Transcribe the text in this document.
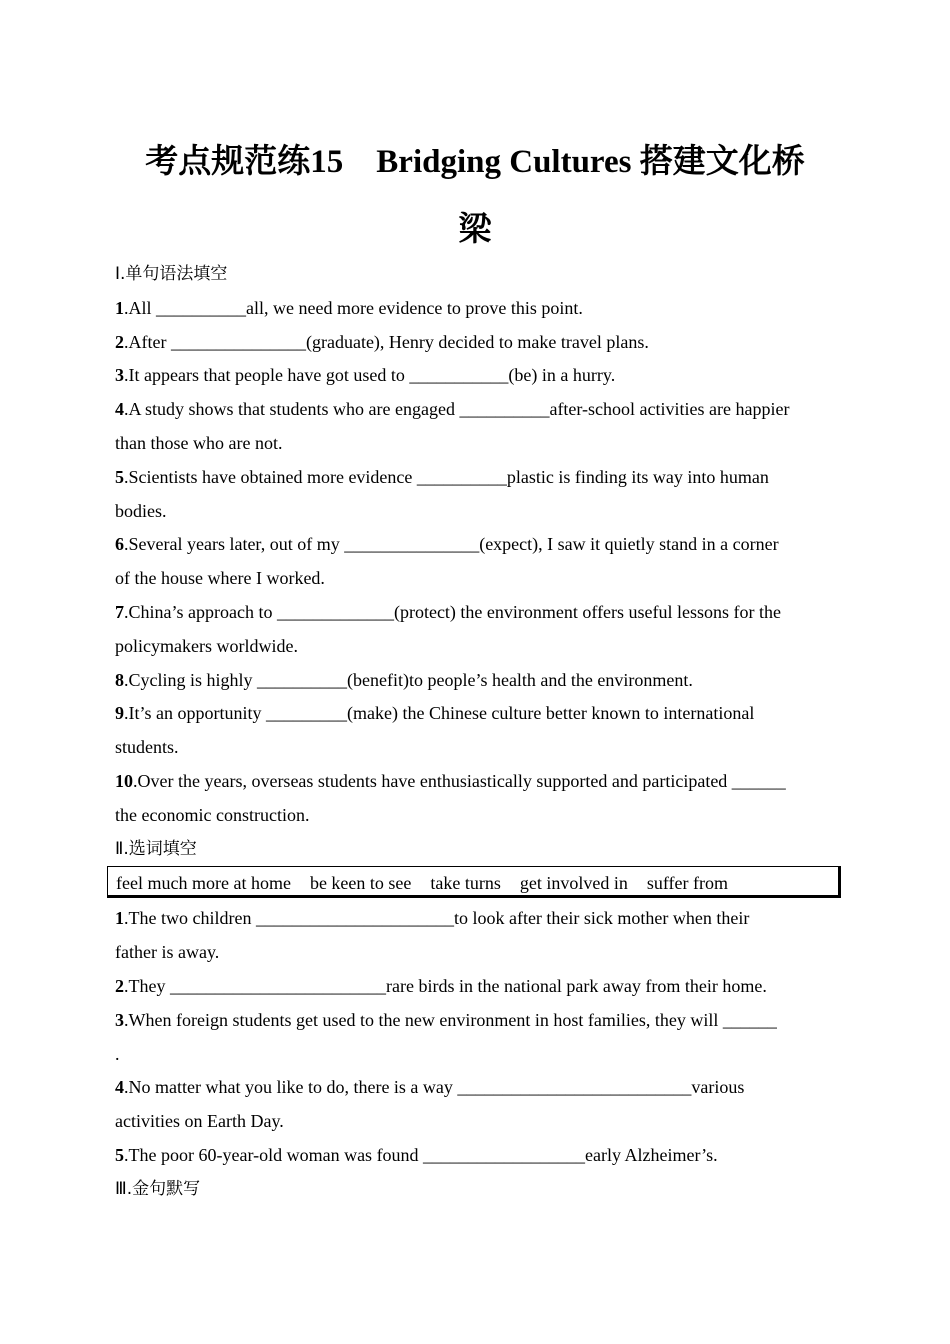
考点规范练15　Bridging Cultures 搭建文化桥
梁
Ⅰ.单句语法填空
1.All __________all, we need more evidence to prove this point.
2.After _______________(graduate), Henry decided to make travel plans.
3.It appears that people have got used to ___________(be) in a hurry.
4.A study shows that students who are engaged __________after-school activities are happier
than those who are not.
5.Scientists have obtained more evidence __________plastic is finding its way into human
bodies.
6.Several years later, out of my _______________(expect), I saw it quietly stand in a corner
of the house where I worked.
7.China’s approach to _____________(protect) the environment offers useful lessons for the
policymakers worldwide.
8.Cycling is highly __________(benefit)to people’s health and the environment.
9.It’s an opportunity _________(make) the Chinese culture better known to international
students.
10.Over the years, overseas students have enthusiastically supported and participated ______
the economic construction.
Ⅱ.选词填空
feel much more at home be keen to see take turns get involved in suffer from
1.The two children ______________________to look after their sick mother when their
father is away.
2.They ________________________rare birds in the national park away from their home.
3.When foreign students get used to the new environment in host families, they will ______
.
4.No matter what you like to do, there is a way __________________________various
activities on Earth Day.
5.The poor 60-year-old woman was found __________________early Alzheimer’s.
Ⅲ.金句默写
